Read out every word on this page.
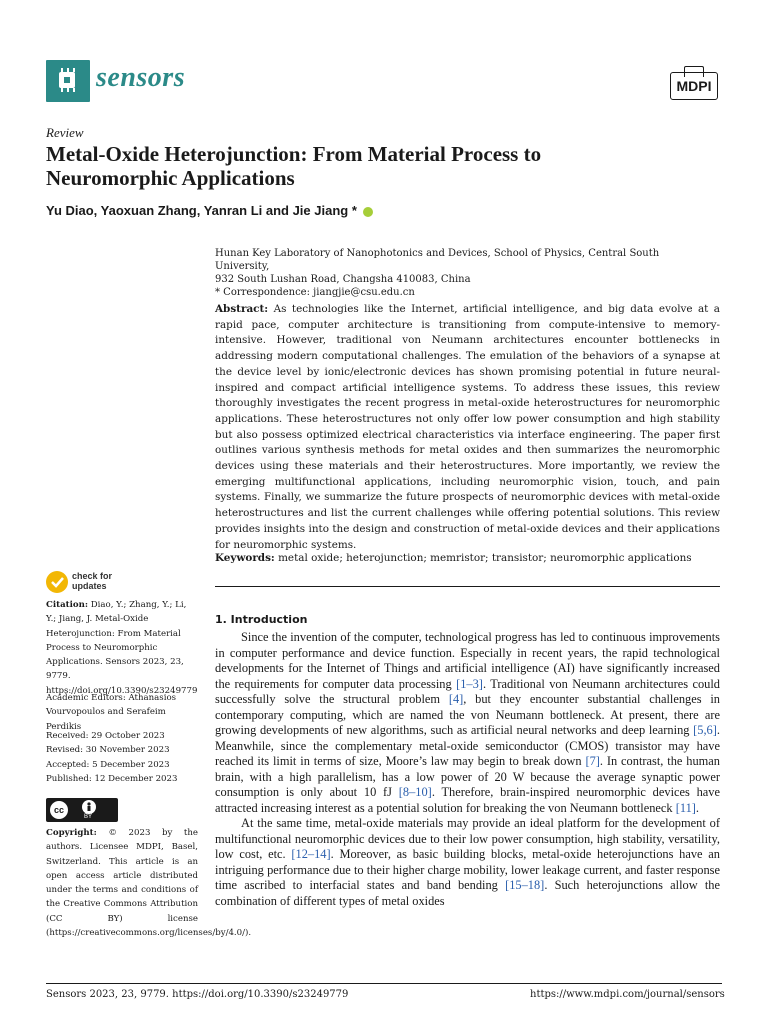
sensors	MDPI
Review
Metal-Oxide Heterojunction: From Material Process to Neuromorphic Applications
Yu Diao, Yaoxuan Zhang, Yanran Li and Jie Jiang *
Hunan Key Laboratory of Nanophotonics and Devices, School of Physics, Central South University,
932 South Lushan Road, Changsha 410083, China
* Correspondence: jiangjie@csu.edu.cn
Abstract: As technologies like the Internet, artificial intelligence, and big data evolve at a rapid pace, computer architecture is transitioning from compute-intensive to memory-intensive. However, traditional von Neumann architectures encounter bottlenecks in addressing modern computational challenges. The emulation of the behaviors of a synapse at the device level by ionic/electronic devices has shown promising potential in future neural-inspired and compact artificial intelligence systems. To address these issues, this review thoroughly investigates the recent progress in metal-oxide heterostructures for neuromorphic applications. These heterostructures not only offer low power consumption and high stability but also possess optimized electrical characteristics via interface engineering. The paper first outlines various synthesis methods for metal oxides and then summarizes the neuromorphic devices using these materials and their heterostructures. More importantly, we review the emerging multifunctional applications, including neuromorphic vision, touch, and pain systems. Finally, we summarize the future prospects of neuromorphic devices with metal-oxide heterostructures and list the current challenges while offering potential solutions. This review provides insights into the design and construction of metal-oxide devices and their applications for neuromorphic systems.
Keywords: metal oxide; heterojunction; memristor; transistor; neuromorphic applications
check for
updates
Citation: Diao, Y.; Zhang, Y.; Li, Y.; Jiang, J. Metal-Oxide Heterojunction: From Material Process to Neuromorphic Applications. Sensors 2023, 23, 9779. https://doi.org/10.3390/s23249779
Academic Editors: Athanasios Vourvopoulos and Serafeim Perdikis
Received: 29 October 2023
Revised: 30 November 2023
Accepted: 5 December 2023
Published: 12 December 2023
cc
BY
Copyright: © 2023 by the authors. Licensee MDPI, Basel, Switzerland. This article is an open access article distributed under the terms and conditions of the Creative Commons Attribution (CC BY) license (https://creativecommons.org/licenses/by/4.0/).
1. Introduction

Since the invention of the computer, technological progress has led to continuous improvements in computer performance and device function. Especially in recent years, the rapid technological developments for the Internet of Things and artificial intelligence (AI) have significantly increased the requirements for computer data processing [1–3]. Traditional von Neumann architectures could successfully solve the structural problem [4], but they encounter substantial challenges in contemporary computing, which are named the von Neumann bottleneck. At present, there are growing developments of new algorithms, such as artificial neural networks and deep learning [5,6]. Meanwhile, since the complementary metal-oxide semiconductor (CMOS) transistor may have reached its limit in terms of size, Moore’s law may begin to break down [7]. In contrast, the human brain, with a high parallelism, has a low power of 20 W because the average synaptic power consumption is only about 10 fJ [8–10]. Therefore, brain-inspired neuromorphic devices have attracted increasing interest as a potential solution for breaking the von Neumann bottleneck [11].

At the same time, metal-oxide materials may provide an ideal platform for the development of multifunctional neuromorphic devices due to their low power consumption, high stability, versatility, low cost, etc. [12–14]. Moreover, as basic building blocks, metal-oxide heterojunctions have an intriguing performance due to their higher charge mobility, lower leakage current, and faster response time ascribed to interfacial states and band bending [15–18]. Such heterojunctions allow the combination of different types of metal oxides

Sensors 2023, 23, 9779. https://doi.org/10.3390/s23249779	https://www.mdpi.com/journal/sensors
